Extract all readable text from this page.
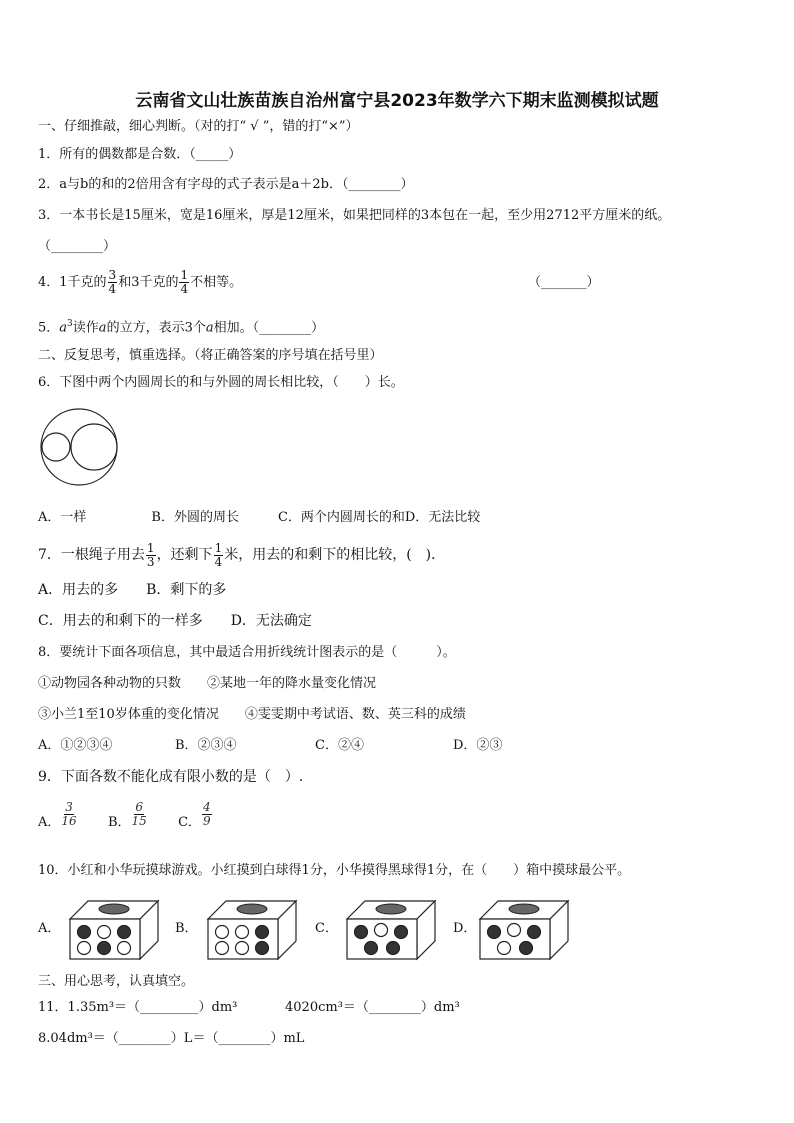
云南省文山壮族苗族自治州富宁县2023年数学六下期末监测模拟试题
一、仔细推敲，细心判断。（对的打“ √ ”，错的打“×”）
1．所有的偶数都是合数．（_____）
2．a与b的和的2倍用含有字母的式子表示是a＋2b．（________）
3．一本书长是15厘米，宽是16厘米，厚是12厘米，如果把同样的3本包在一起，至少用2712平方厘米的纸。
（________）
4．1千克的 $\frac{3}{4}$ 和3千克的 $\frac{1}{4}$ 不相等。	（_______）
5．$a^3$读作a的立方，表示3个a相加。（________）
二、反复思考，慎重选择。（将正确答案的序号填在括号里）
6．下图中两个内圆周长的和与外圆的周长相比较，（　　）长。
A．一样　　　　　B．外圆的周长　　　C．两个内圆周长的和D．无法比较
7．一根绳子用去 $\frac{1}{3}$ ，还剩下 $\frac{1}{4}$ 米，用去的和剩下的相比较，(　)．
A．用去的多　　B．剩下的多
C．用去的和剩下的一样多　　D．无法确定
8．要统计下面各项信息，其中最适合用折线统计图表示的是（　　　）。
①动物园各种动物的只数　　②某地一年的降水量变化情况
③小兰1至10岁体重的变化情况　　④雯雯期中考试语、数、英三科的成绩
A．①②③④	B．②③④	C．②④	D．②③
9．下面各数不能化成有限小数的是（　）.
A． $\frac{3}{16}$ B． $\frac{6}{15}$ C． $\frac{4}{9}$
10．小红和小华玩摸球游戏。小红摸到白球得1分，小华摸得黑球得1分，在（　　）箱中摸球最公平。
A．	B．	C．	D．
三、用心思考，认真填空。
11．1.35m³＝（_________）dm³	4020cm³＝（________）dm³
8.04dm³＝（________）L＝（________）mL
